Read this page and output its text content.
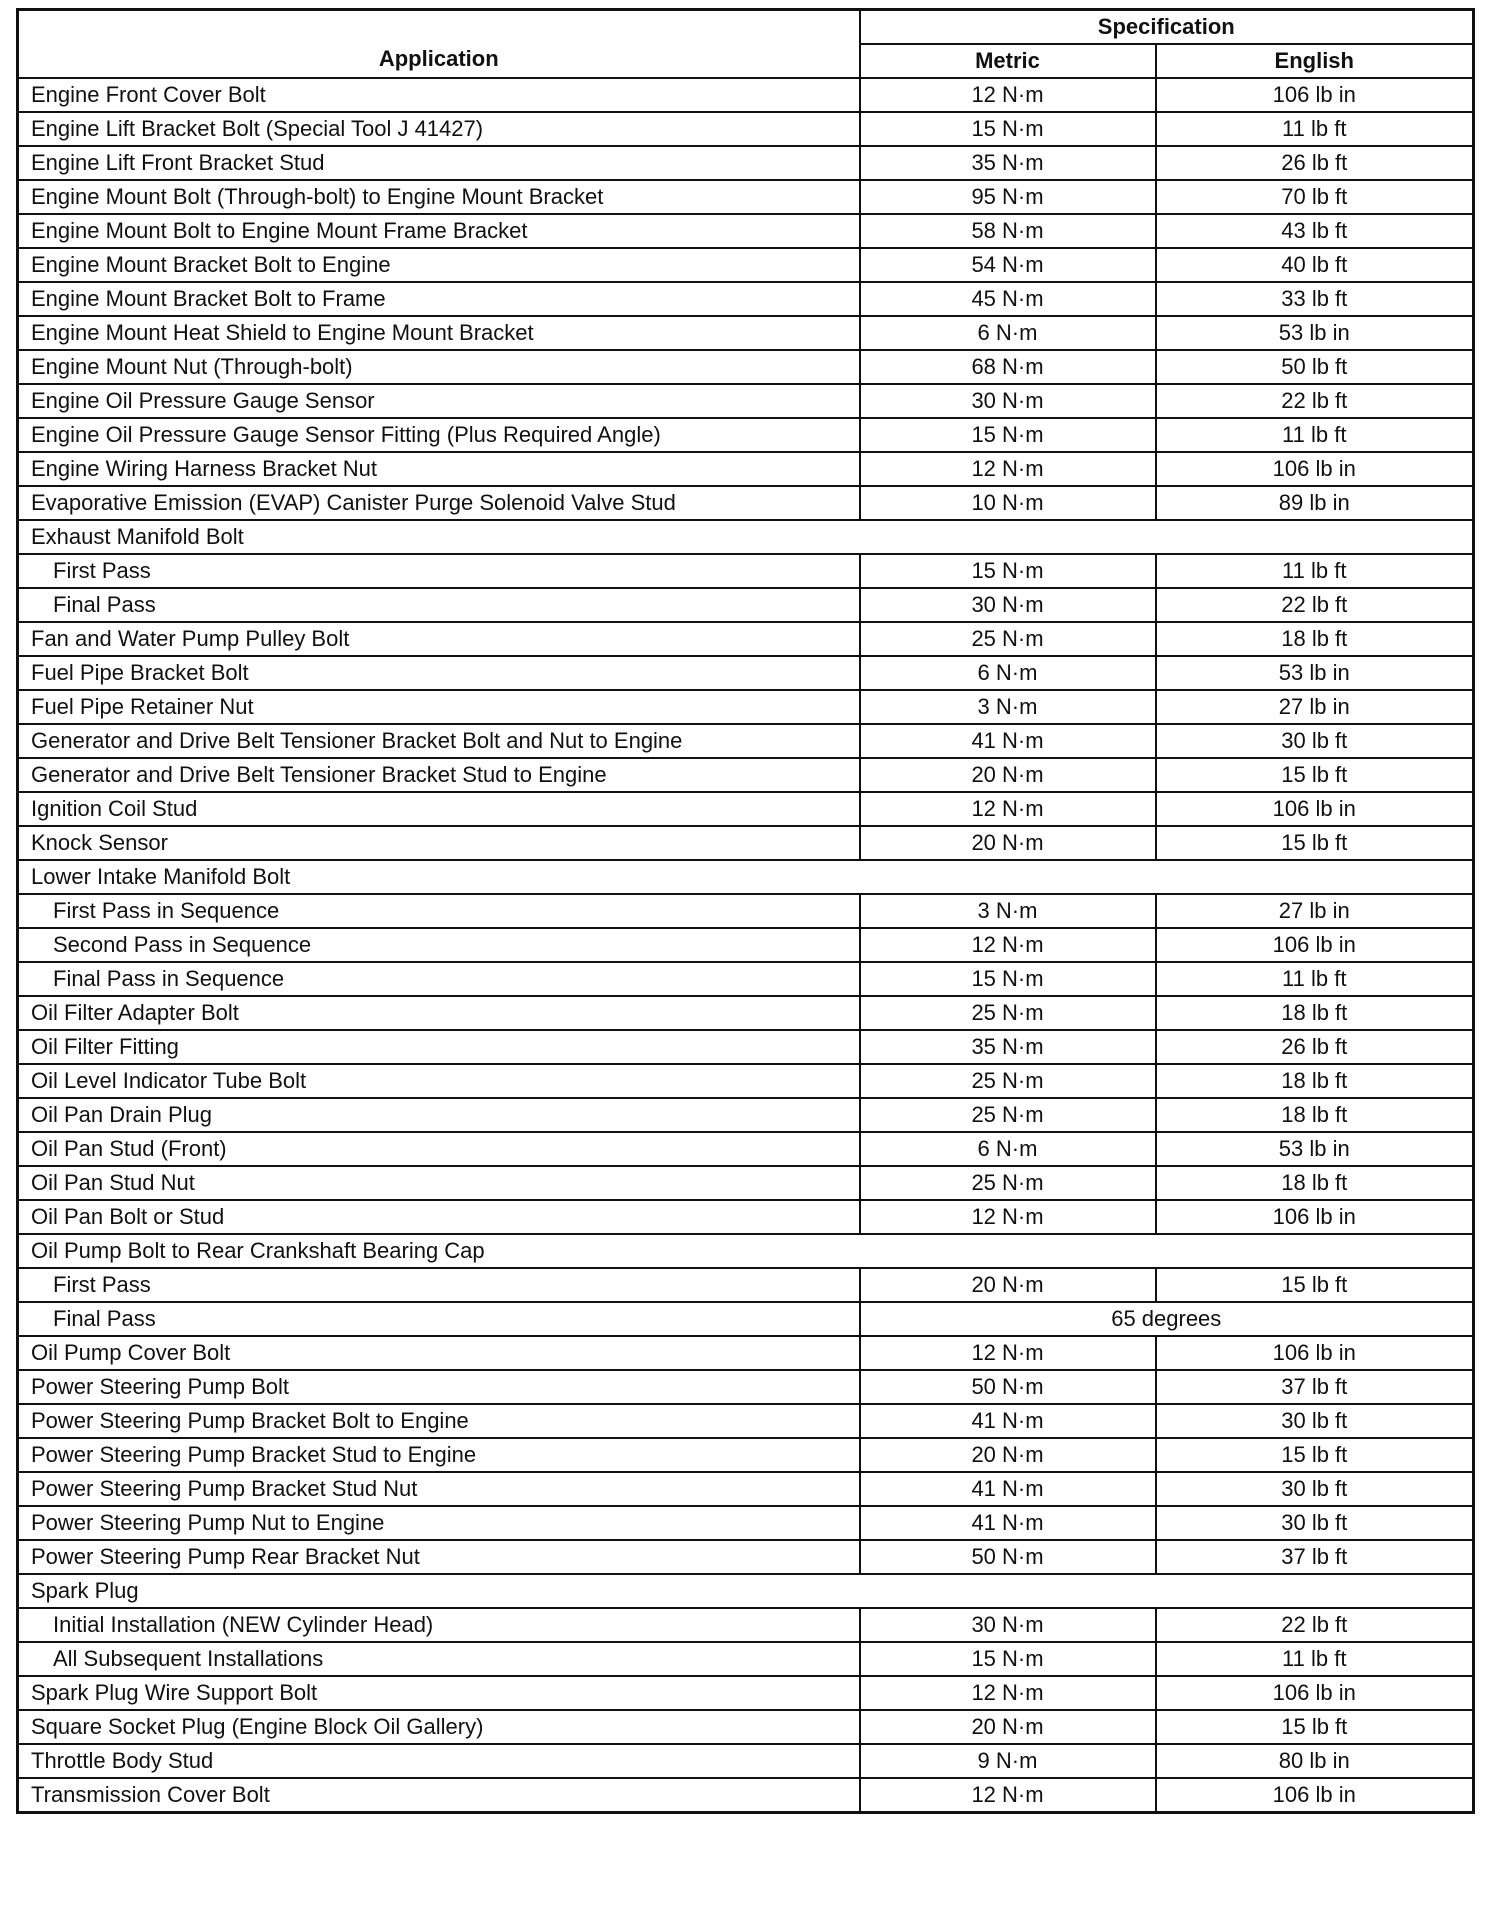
Application	Specification	
	Metric	English
Engine Front Cover Bolt	12 N·m	106 lb in
Engine Lift Bracket Bolt (Special Tool J 41427)	15 N·m	11 lb ft
Engine Lift Front Bracket Stud	35 N·m	26 lb ft
Engine Mount Bolt (Through-bolt) to Engine Mount Bracket	95 N·m	70 lb ft
Engine Mount Bolt to Engine Mount Frame Bracket	58 N·m	43 lb ft
Engine Mount Bracket Bolt to Engine	54 N·m	40 lb ft
Engine Mount Bracket Bolt to Frame	45 N·m	33 lb ft
Engine Mount Heat Shield to Engine Mount Bracket	6 N·m	53 lb in
Engine Mount Nut (Through-bolt)	68 N·m	50 lb ft
Engine Oil Pressure Gauge Sensor	30 N·m	22 lb ft
Engine Oil Pressure Gauge Sensor Fitting (Plus Required Angle)	15 N·m	11 lb ft
Engine Wiring Harness Bracket Nut	12 N·m	106 lb in
Evaporative Emission (EVAP) Canister Purge Solenoid Valve Stud	10 N·m	89 lb in
Exhaust Manifold Bolt		
First Pass	15 N·m	11 lb ft
Final Pass	30 N·m	22 lb ft
Fan and Water Pump Pulley Bolt	25 N·m	18 lb ft
Fuel Pipe Bracket Bolt	6 N·m	53 lb in
Fuel Pipe Retainer Nut	3 N·m	27 lb in
Generator and Drive Belt Tensioner Bracket Bolt and Nut to Engine	41 N·m	30 lb ft
Generator and Drive Belt Tensioner Bracket Stud to Engine	20 N·m	15 lb ft
Ignition Coil Stud	12 N·m	106 lb in
Knock Sensor	20 N·m	15 lb ft
Lower Intake Manifold Bolt		
First Pass in Sequence	3 N·m	27 lb in
Second Pass in Sequence	12 N·m	106 lb in
Final Pass in Sequence	15 N·m	11 lb ft
Oil Filter Adapter Bolt	25 N·m	18 lb ft
Oil Filter Fitting	35 N·m	26 lb ft
Oil Level Indicator Tube Bolt	25 N·m	18 lb ft
Oil Pan Drain Plug	25 N·m	18 lb ft
Oil Pan Stud (Front)	6 N·m	53 lb in
Oil Pan Stud Nut	25 N·m	18 lb ft
Oil Pan Bolt or Stud	12 N·m	106 lb in
Oil Pump Bolt to Rear Crankshaft Bearing Cap		
First Pass	20 N·m	15 lb ft
Final Pass	65 degrees	
Oil Pump Cover Bolt	12 N·m	106 lb in
Power Steering Pump Bolt	50 N·m	37 lb ft
Power Steering Pump Bracket Bolt to Engine	41 N·m	30 lb ft
Power Steering Pump Bracket Stud to Engine	20 N·m	15 lb ft
Power Steering Pump Bracket Stud Nut	41 N·m	30 lb ft
Power Steering Pump Nut to Engine	41 N·m	30 lb ft
Power Steering Pump Rear Bracket Nut	50 N·m	37 lb ft
Spark Plug		
Initial Installation (NEW Cylinder Head)	30 N·m	22 lb ft
All Subsequent Installations	15 N·m	11 lb ft
Spark Plug Wire Support Bolt	12 N·m	106 lb in
Square Socket Plug (Engine Block Oil Gallery)	20 N·m	15 lb ft
Throttle Body Stud	9 N·m	80 lb in
Transmission Cover Bolt	12 N·m	106 lb in
